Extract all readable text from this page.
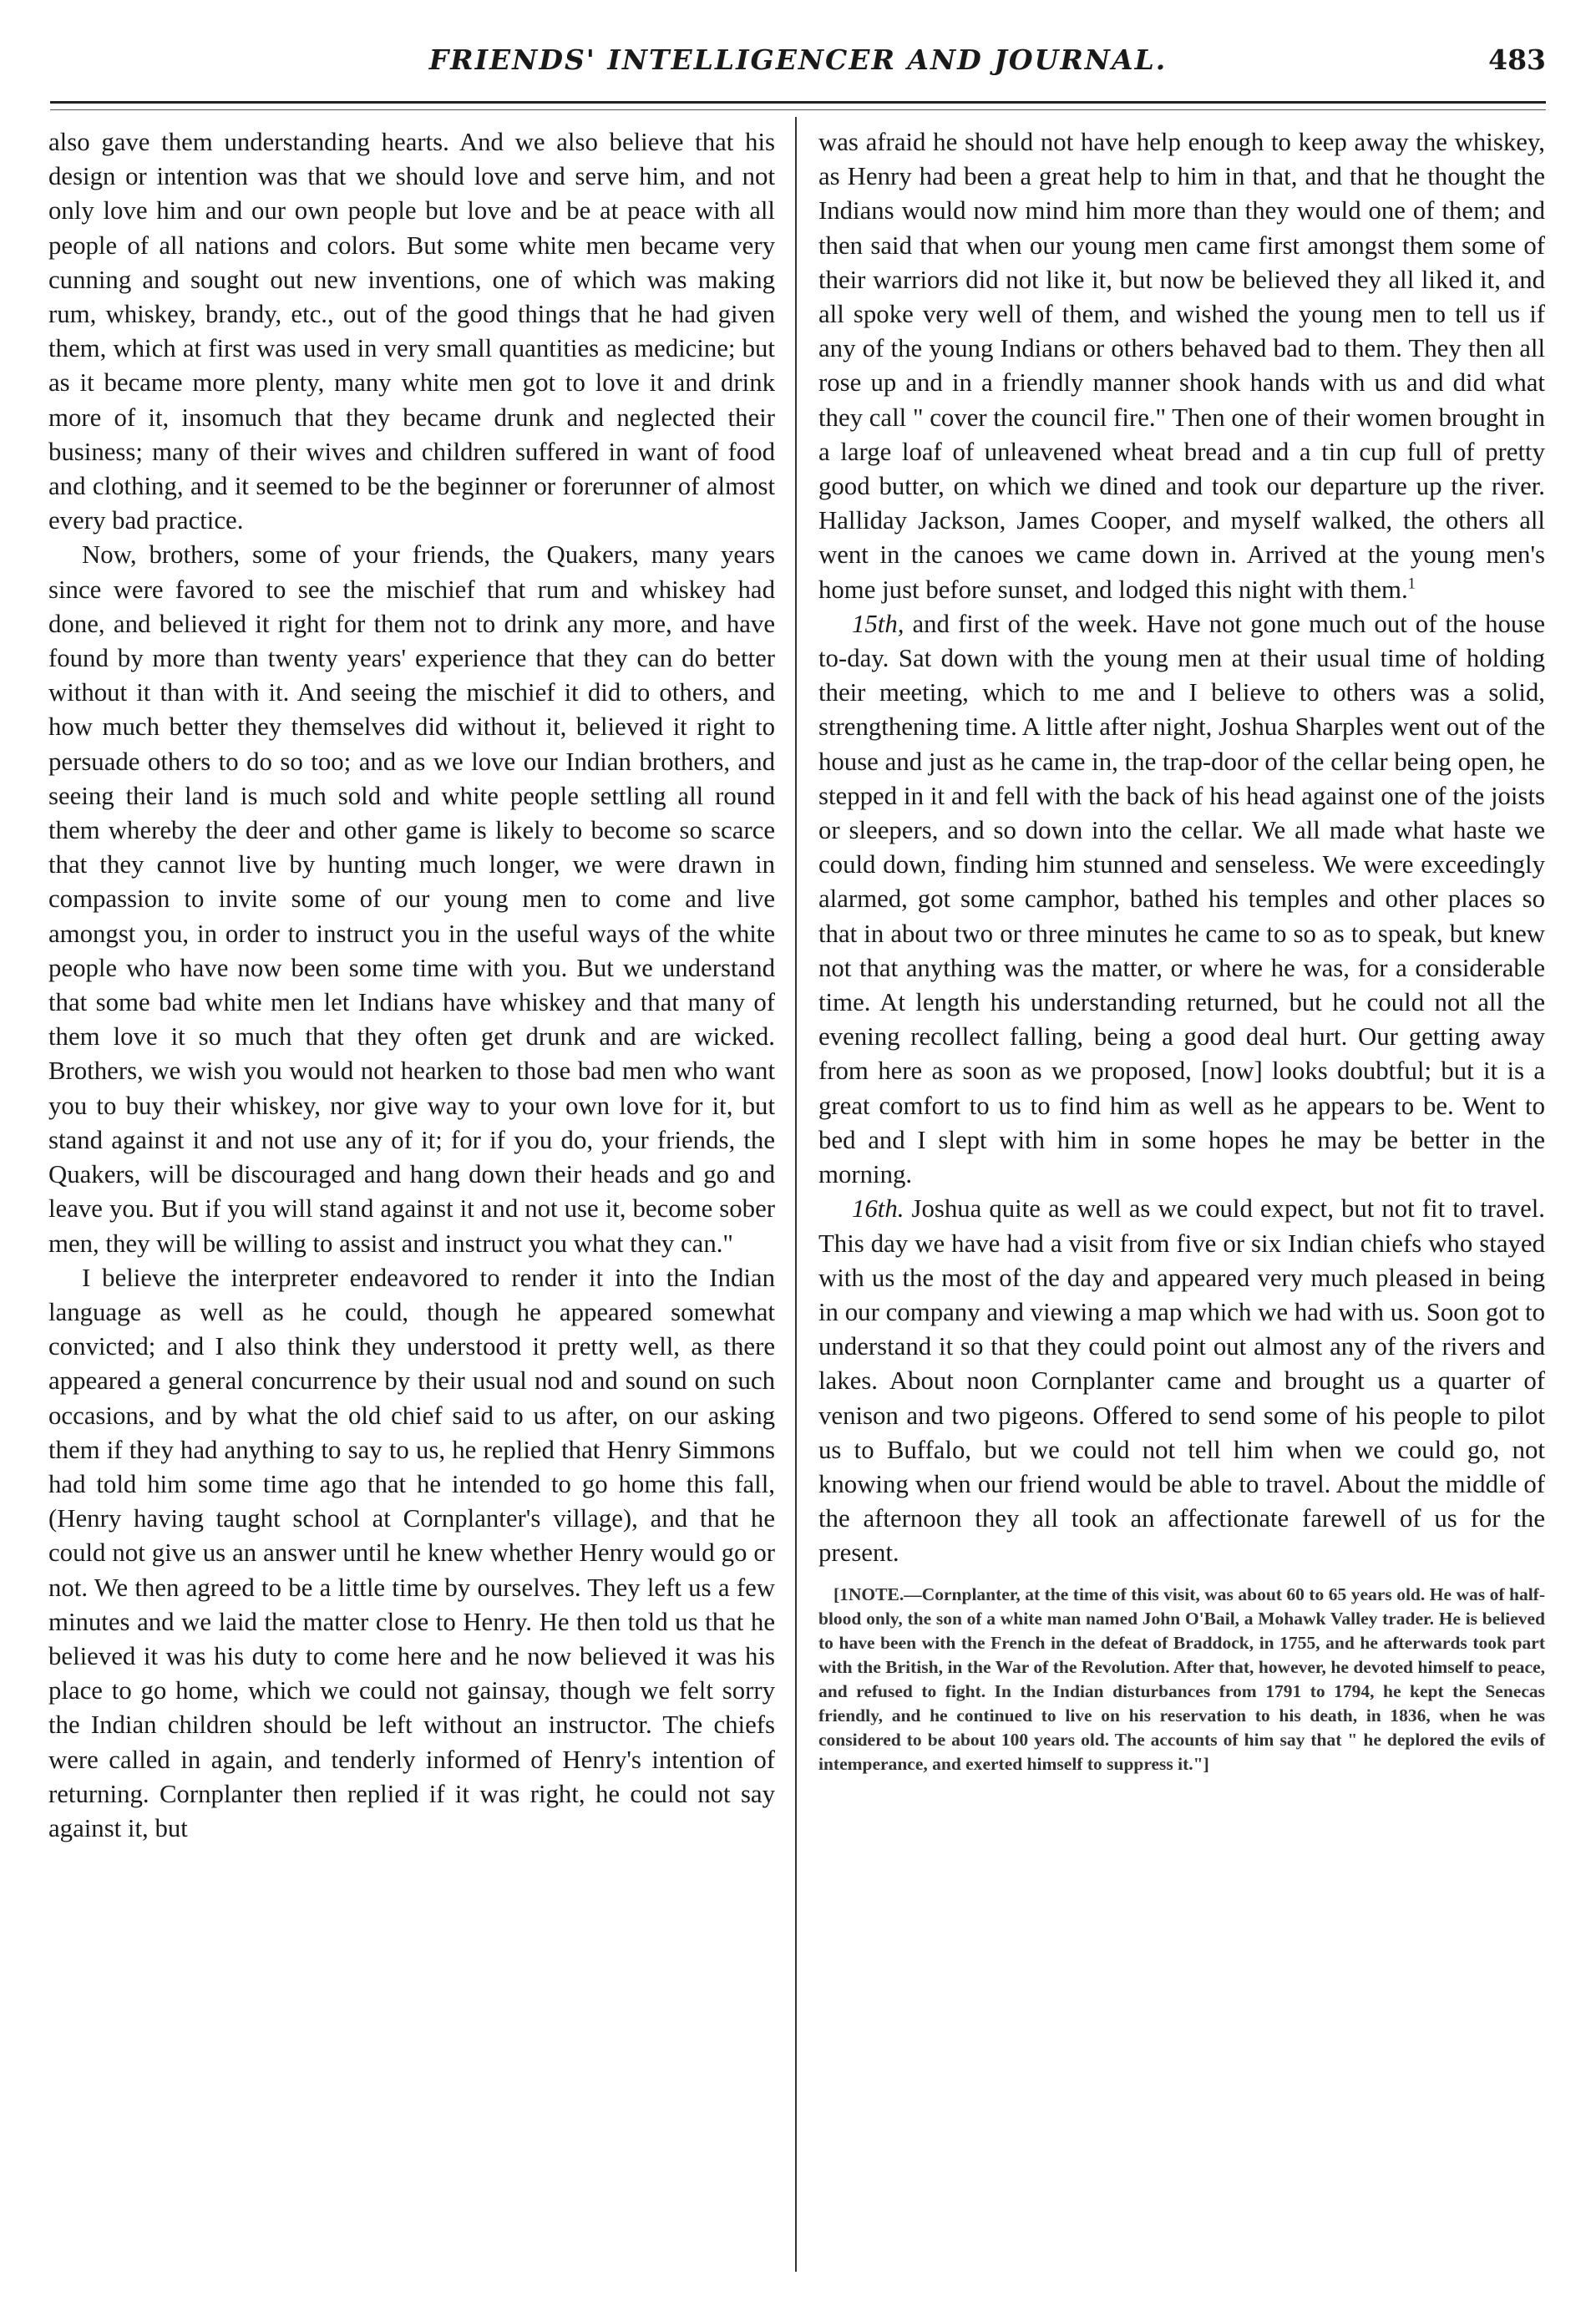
FRIENDS' INTELLIGENCER AND JOURNAL.	483

also gave them understanding hearts. And we also believe that his design or intention was that we should love and serve him, and not only love him and our own people but love and be at peace with all people of all nations and colors. But some white men became very cunning and sought out new inventions, one of which was making rum, whiskey, brandy, etc., out of the good things that he had given them, which at first was used in very small quantities as medicine; but as it became more plenty, many white men got to love it and drink more of it, insomuch that they became drunk and neglected their business; many of their wives and children suffered in want of food and clothing, and it seemed to be the beginner or forerunner of almost every bad practice.

Now, brothers, some of your friends, the Quakers, many years since were favored to see the mischief that rum and whiskey had done, and believed it right for them not to drink any more, and have found by more than twenty years' experience that they can do better without it than with it. And seeing the mischief it did to others, and how much better they themselves did without it, believed it right to persuade others to do so too; and as we love our Indian brothers, and seeing their land is much sold and white people settling all round them whereby the deer and other game is likely to become so scarce that they cannot live by hunting much longer, we were drawn in compassion to invite some of our young men to come and live amongst you, in order to instruct you in the useful ways of the white people who have now been some time with you. But we understand that some bad white men let Indians have whiskey and that many of them love it so much that they often get drunk and are wicked. Brothers, we wish you would not hearken to those bad men who want you to buy their whiskey, nor give way to your own love for it, but stand against it and not use any of it; for if you do, your friends, the Quakers, will be discouraged and hang down their heads and go and leave you. But if you will stand against it and not use it, become sober men, they will be willing to assist and instruct you what they can."

I believe the interpreter endeavored to render it into the Indian language as well as he could, though he appeared somewhat convicted; and I also think they understood it pretty well, as there appeared a general concurrence by their usual nod and sound on such occasions, and by what the old chief said to us after, on our asking them if they had anything to say to us, he replied that Henry Simmons had told him some time ago that he intended to go home this fall, (Henry having taught school at Cornplanter's village), and that he could not give us an answer until he knew whether Henry would go or not. We then agreed to be a little time by ourselves. They left us a few minutes and we laid the matter close to Henry. He then told us that he believed it was his duty to come here and he now believed it was his place to go home, which we could not gainsay, though we felt sorry the Indian children should be left without an instructor. The chiefs were called in again, and tenderly informed of Henry's intention of returning. Cornplanter then replied if it was right, he could not say against it, but

was afraid he should not have help enough to keep away the whiskey, as Henry had been a great help to him in that, and that he thought the Indians would now mind him more than they would one of them; and then said that when our young men came first amongst them some of their warriors did not like it, but now be believed they all liked it, and all spoke very well of them, and wished the young men to tell us if any of the young Indians or others behaved bad to them. They then all rose up and in a friendly manner shook hands with us and did what they call " cover the council fire." Then one of their women brought in a large loaf of unleavened wheat bread and a tin cup full of pretty good butter, on which we dined and took our departure up the river. Halliday Jackson, James Cooper, and myself walked, the others all went in the canoes we came down in. Arrived at the young men's home just before sunset, and lodged this night with them.$^1$

15th, and first of the week. Have not gone much out of the house to-day. Sat down with the young men at their usual time of holding their meeting, which to me and I believe to others was a solid, strengthening time. A little after night, Joshua Sharples went out of the house and just as he came in, the trap-door of the cellar being open, he stepped in it and fell with the back of his head against one of the joists or sleepers, and so down into the cellar. We all made what haste we could down, finding him stunned and senseless. We were exceedingly alarmed, got some camphor, bathed his temples and other places so that in about two or three minutes he came to so as to speak, but knew not that anything was the matter, or where he was, for a considerable time. At length his understanding returned, but he could not all the evening recollect falling, being a good deal hurt. Our getting away from here as soon as we proposed, [now] looks doubtful; but it is a great comfort to us to find him as well as he appears to be. Went to bed and I slept with him in some hopes he may be better in the morning.

16th. Joshua quite as well as we could expect, but not fit to travel. This day we have had a visit from five or six Indian chiefs who stayed with us the most of the day and appeared very much pleased in being in our company and viewing a map which we had with us. Soon got to understand it so that they could point out almost any of the rivers and lakes. About noon Cornplanter came and brought us a quarter of venison and two pigeons. Offered to send some of his people to pilot us to Buffalo, but we could not tell him when we could go, not knowing when our friend would be able to travel. About the middle of the afternoon they all took an affectionate farewell of us for the present.

[1NOTE.—Cornplanter, at the time of this visit, was about 60 to 65 years old. He was of half-blood only, the son of a white man named John O'Bail, a Mohawk Valley trader. He is believed to have been with the French in the defeat of Braddock, in 1755, and he afterwards took part with the British, in the War of the Revolution. After that, however, he devoted himself to peace, and refused to fight. In the Indian disturbances from 1791 to 1794, he kept the Senecas friendly, and he continued to live on his reservation to his death, in 1836, when he was considered to be about 100 years old. The accounts of him say that " he deplored the evils of intemperance, and exerted himself to suppress it."]
